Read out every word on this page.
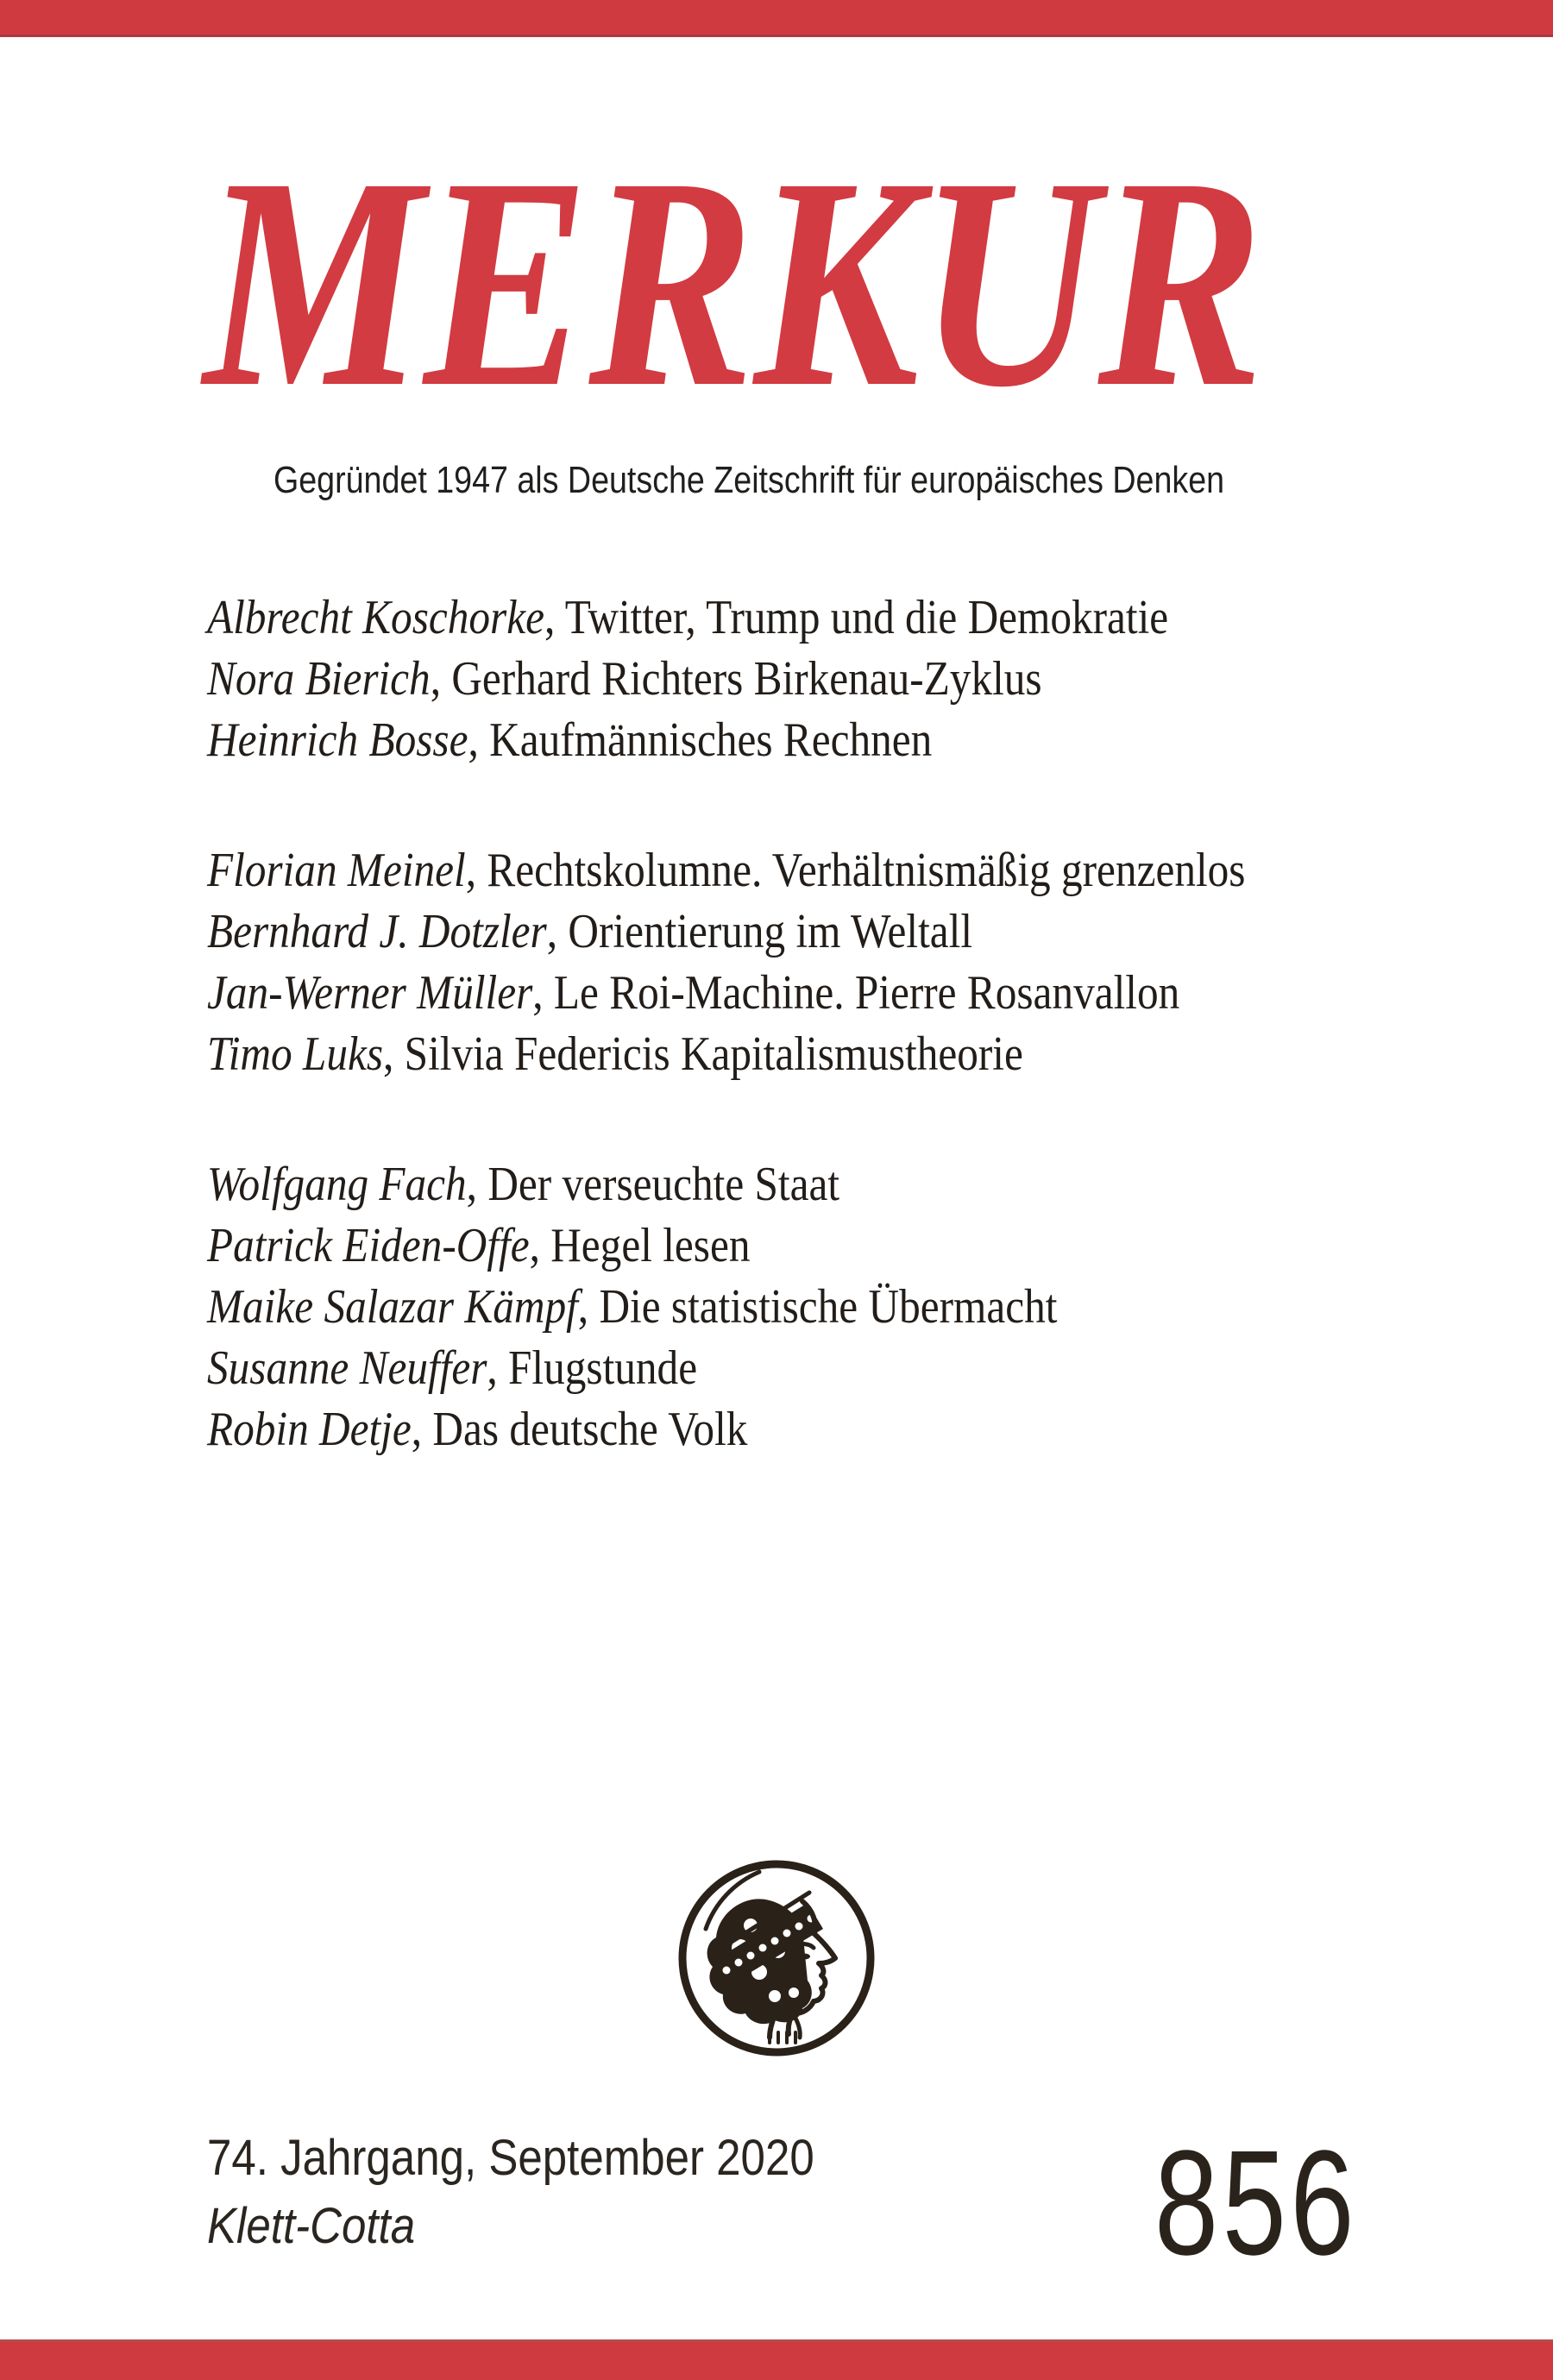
MERKUR
Gegründet 1947 als Deutsche Zeitschrift für europäisches Denken
Albrecht Koschorke, Twitter, Trump und die Demokratie
Nora Bierich, Gerhard Richters Birkenau-Zyklus
Heinrich Bosse, Kaufmännisches Rechnen
Florian Meinel, Rechtskolumne. Verhältnismäßig grenzenlos
Bernhard J. Dotzler, Orientierung im Weltall
Jan-Werner Müller, Le Roi-Machine. Pierre Rosanvallon
Timo Luks, Silvia Federicis Kapitalismustheorie
Wolfgang Fach, Der verseuchte Staat
Patrick Eiden-Offe, Hegel lesen
Maike Salazar Kämpf, Die statistische Übermacht
Susanne Neuffer, Flugstunde
Robin Detje, Das deutsche Volk
74. Jahrgang, September 2020
Klett-Cotta	856
